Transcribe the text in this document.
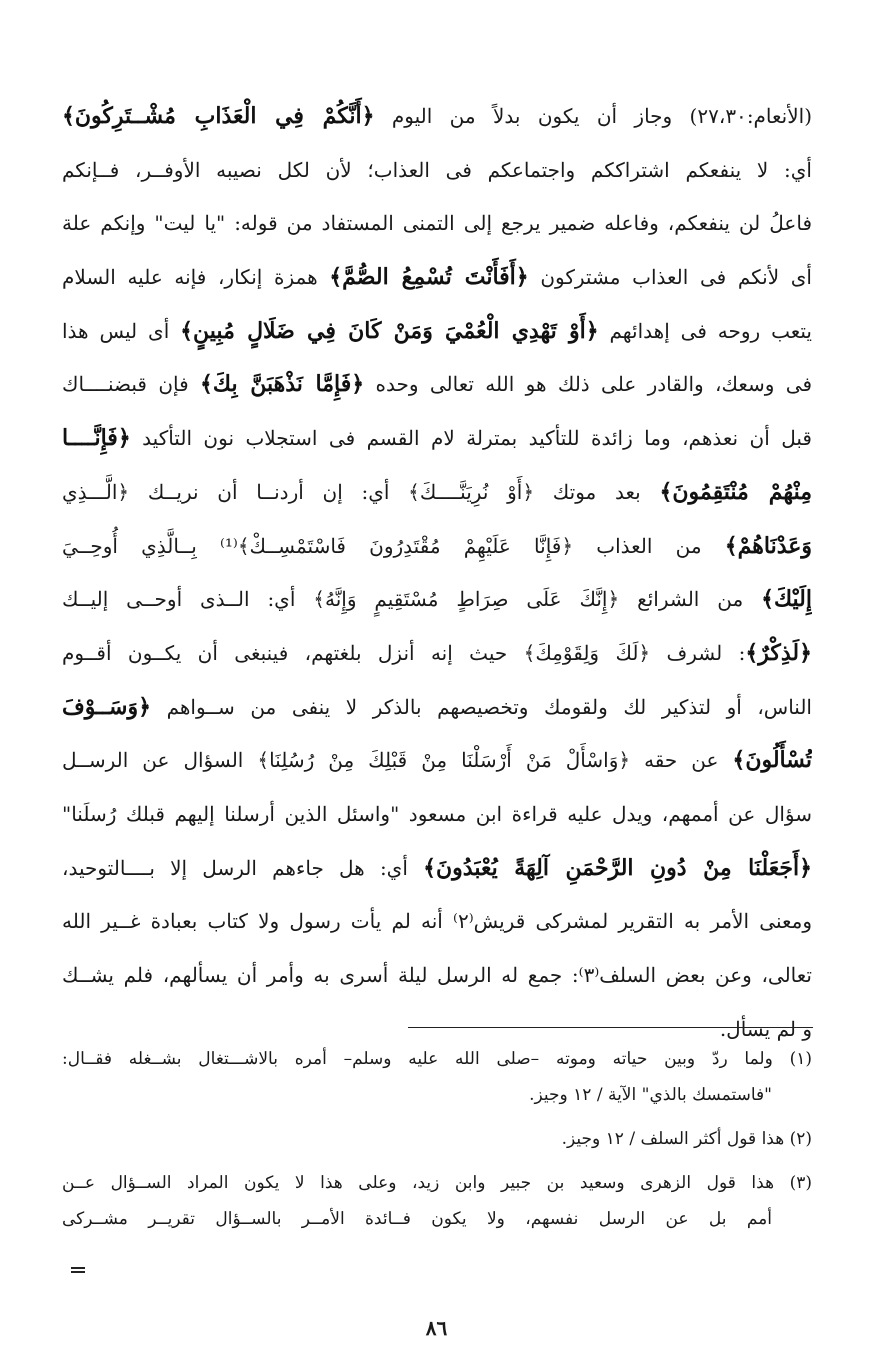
(الأنعام:٢٧،٣٠) وجاز أن يكون بدلاً من اليوم ﴿أَنَّكُمْ فِي الْعَذَابِ مُشْــتَرِكُونَ﴾
أي: لا ينفعكم اشتراككم واجتماعكم فى العذاب؛ لأن لكل نصيبه الأوفــر، فــإنكم
فاعلُ لن ينفعكم، وفاعله ضمير يرجع إلى التمنى المستفاد من قوله: "يا ليت" وإنكم علة
أى لأنكم فى العذاب مشتركون ﴿أَفَأَنْتَ تُسْمِعُ الصُّمَّ﴾ همزة إنكار، فإنه عليه السلام
يتعب روحه فى إهدائهم ﴿أَوْ تَهْدِي الْعُمْيَ وَمَنْ كَانَ فِي ضَلَالٍ مُبِينٍ﴾ أى ليس هذا
فى وسعك، والقادر على ذلك هو الله تعالى وحده ﴿فَإِمَّا نَذْهَبَنَّ بِكَ﴾ فإن قبضنــــاك
قبل أن نعذهم، وما زائدة للتأكيد بمترلة لام القسم فى استجلاب نون التأكيد ﴿فَإِنَّــــا
مِنْهُمْ مُنْتَقِمُونَ﴾ بعد موتك ﴿أَوْ نُرِيَنَّــــكَ﴾ أي: إن أردنــا أن نريــك ﴿الَّـــذِي
وَعَدْنَاهُمْ﴾ من العذاب ﴿فَإِنَّا عَلَيْهِمْ مُقْتَدِرُونَ فَاسْتَمْسِــكْ﴾⁽¹⁾ بِــالَّذِي أُوحِــيَ
إِلَيْكَ﴾ من الشرائع ﴿إِنَّكَ عَلَى صِرَاطٍ مُسْتَقِيمٍ وَإِنَّهُ﴾ أي: الــذى أوحــى إليــك
﴿لَذِكْرٌ﴾: لشرف ﴿لَكَ وَلِقَوْمِكَ﴾ حيث إنه أنزل بلغتهم، فينبغى أن يكــون أقــوم
الناس، أو لتذكير لك ولقومك وتخصيصهم بالذكر لا ينفى من ســواهم ﴿وَسَــوْفَ
تُسْأَلُونَ﴾ عن حقه ﴿وَاسْأَلْ مَنْ أَرْسَلْنَا مِنْ قَبْلِكَ مِنْ رُسُلِنَا﴾ السؤال عن الرســل
سؤال عن أممهم، ويدل عليه قراءة ابن مسعود "واسئل الذين أرسلنا إليهم قبلك رُسلَنا"
﴿أَجَعَلْنَا مِنْ دُونِ الرَّحْمَنِ آلِهَةً يُعْبَدُونَ﴾ أي: هل جاءهم الرسل إلا بــــالتوحيد،
ومعنى الأمر به التقرير لمشركى قريش⁽٢⁾ أنه لم يأت رسول ولا كتاب بعبادة غــير الله
تعالى، وعن بعض السلف⁽٣⁾: جمع له الرسل ليلة أسرى به وأمر أن يسألهم، فلم يشــك
و لم يسأل.
(١) ولما ردّ وبين حياته وموته –صلى الله عليه وسلم– أمره بالاشـــتغال بشــغله فقــال:
"فاستمسك بالذي" الآية / ١٢ وجيز.
(٢) هذا قول أكثر السلف / ١٢ وجيز.
(٣) هذا قول الزهرى وسعيد بن جبير وابن زيد، وعلى هذا لا يكون المراد الســؤال عــن
أمم بل عن الرسل نفسهم، ولا يكون فــائدة الأمــر بالســؤال تقريــر مشــركى
٨٦
